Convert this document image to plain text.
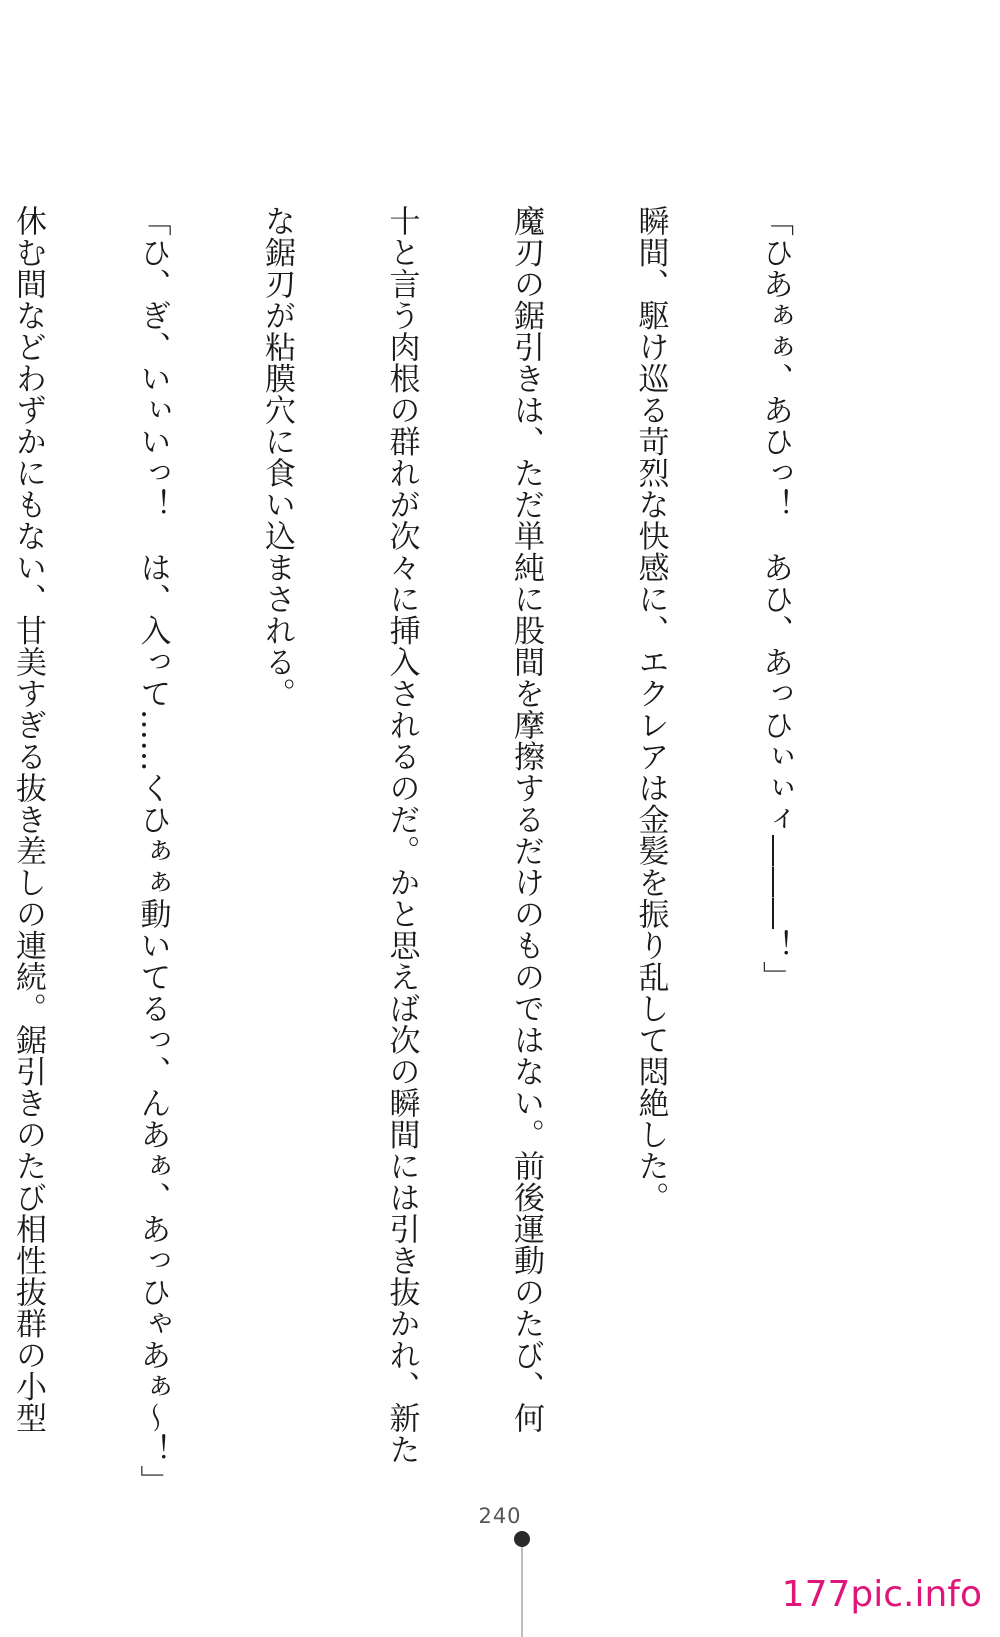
「ひあぁぁ、あひっ！　あひ、あっひぃぃィ―――！」

瞬間、駆け巡る苛烈な快感に、エクレアは金髪を振り乱して悶絶した。

魔刃の鋸引きは、ただ単純に股間を摩擦するだけのものではない。前後運動のたび、何

十と言う肉根の群れが次々に挿入されるのだ。かと思えば次の瞬間には引き抜かれ、新た

な鋸刃が粘膜穴に食い込まされる。

「ひ、ぎ、いぃいっ！　は、入って……くひぁぁ動いてるっ、んあぁ、あっひゃあぁ～！」

休む間などわずかにもない、甘美すぎる抜き差しの連続。鋸引きのたび相性抜群の小型

240
177pic.info
